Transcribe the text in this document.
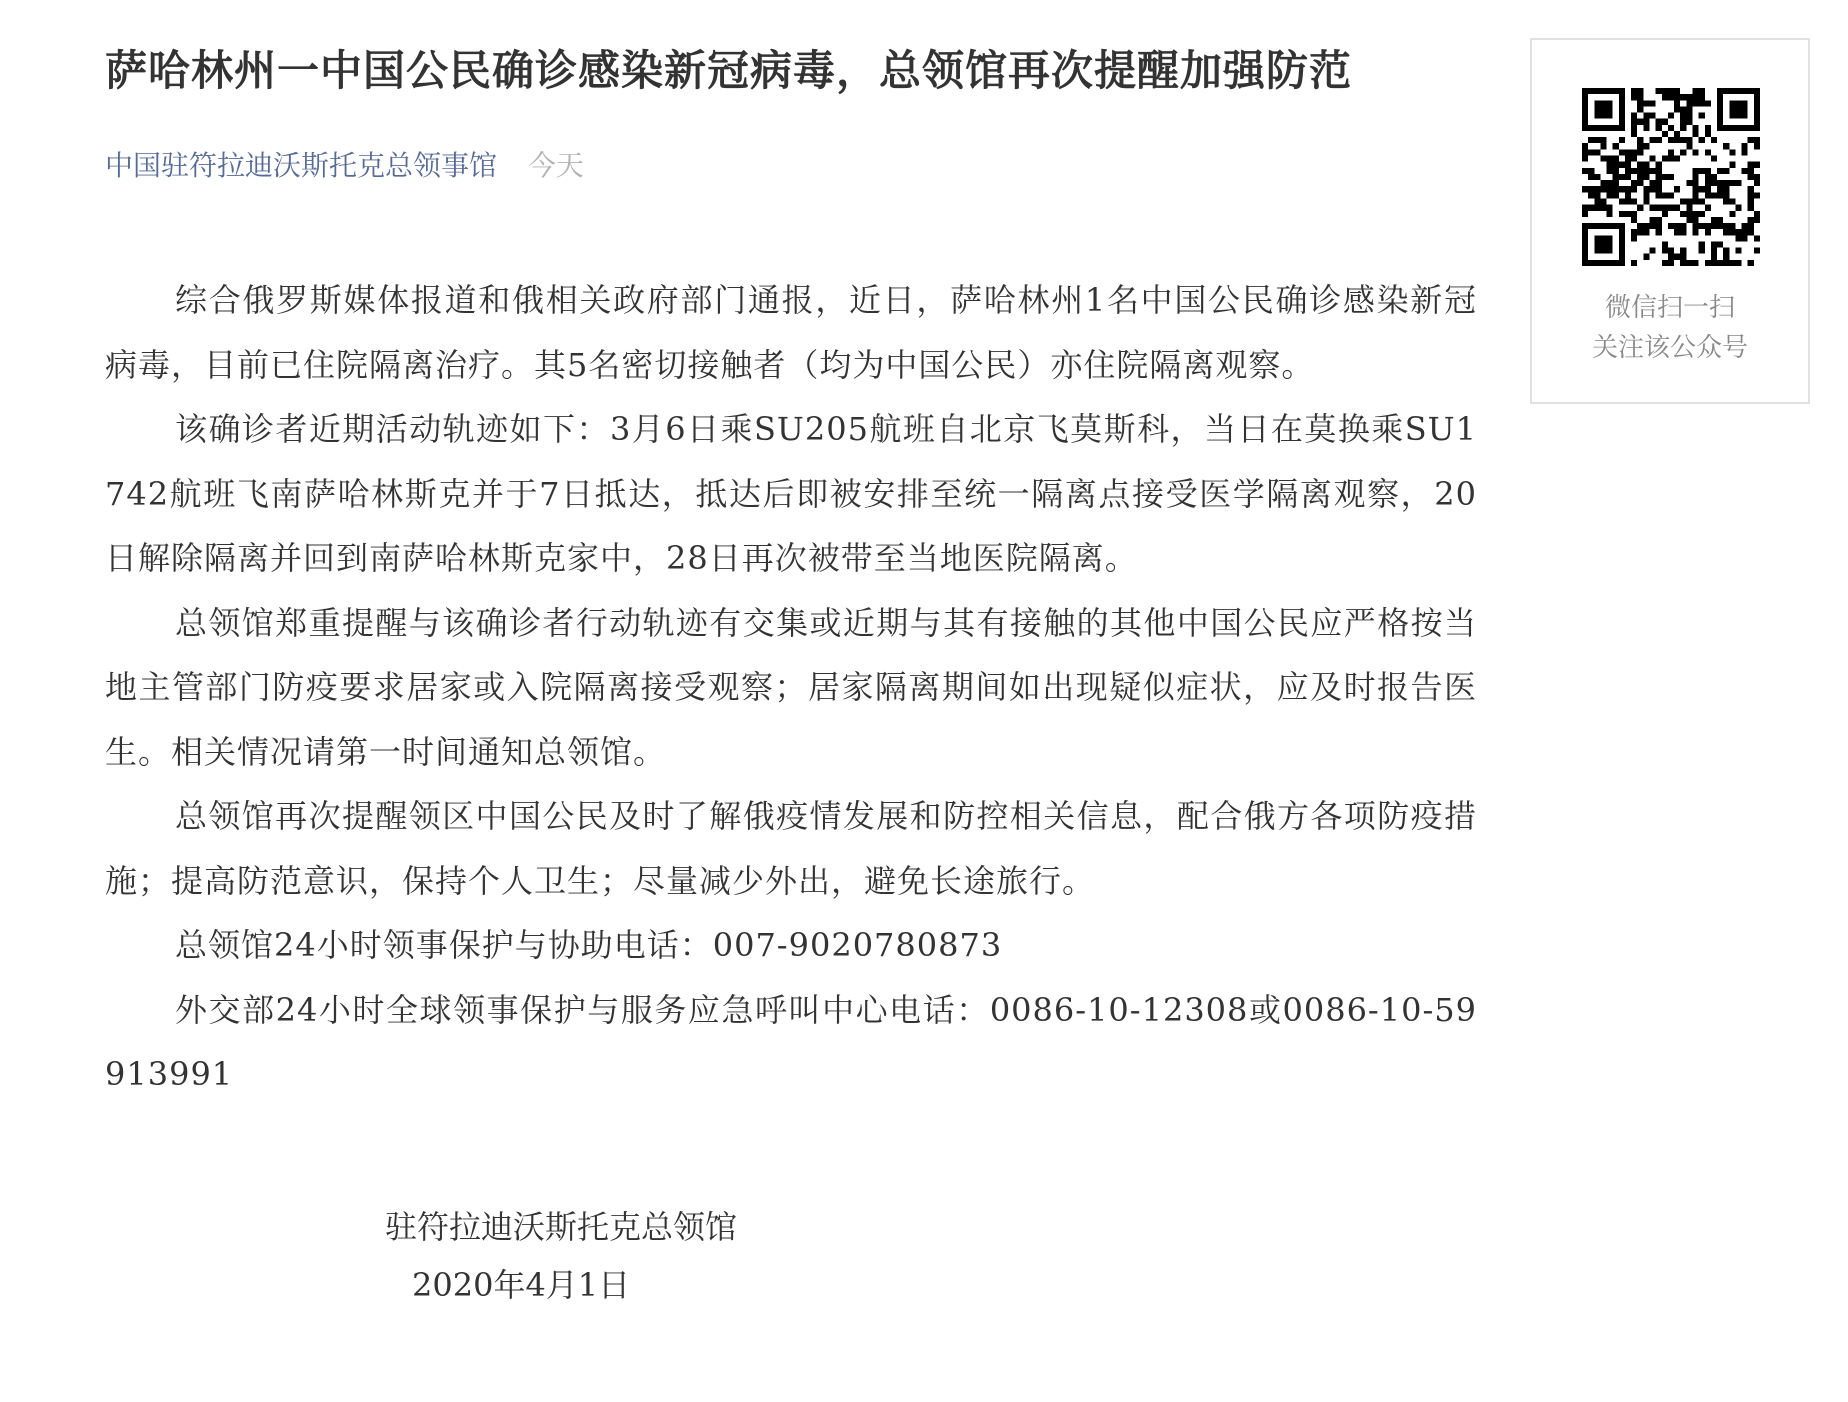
萨哈林州一中国公民确诊感染新冠病毒，总领馆再次提醒加强防范
中国驻符拉迪沃斯托克总领事馆 今天

综合俄罗斯媒体报道和俄相关政府部门通报，近日，萨哈林州1名中国公民确诊感染新冠病毒，目前已住院隔离治疗。其5名密切接触者（均为中国公民）亦住院隔离观察。

该确诊者近期活动轨迹如下：3月6日乘SU205航班自北京飞莫斯科，当日在莫换乘SU1742航班飞南萨哈林斯克并于7日抵达，抵达后即被安排至统一隔离点接受医学隔离观察，20日解除隔离并回到南萨哈林斯克家中，28日再次被带至当地医院隔离。

总领馆郑重提醒与该确诊者行动轨迹有交集或近期与其有接触的其他中国公民应严格按当地主管部门防疫要求居家或入院隔离接受观察；居家隔离期间如出现疑似症状，应及时报告医生。相关情况请第一时间通知总领馆。

总领馆再次提醒领区中国公民及时了解俄疫情发展和防控相关信息，配合俄方各项防疫措施；提高防范意识，保持个人卫生；尽量减少外出，避免长途旅行。

总领馆24小时领事保护与协助电话：007-9020780873

外交部24小时全球领事保护与服务应急呼叫中心电话：0086-10-12308或0086-10-59913991

驻符拉迪沃斯托克总领馆
2020年4月1日
微信扫一扫
关注该公众号
